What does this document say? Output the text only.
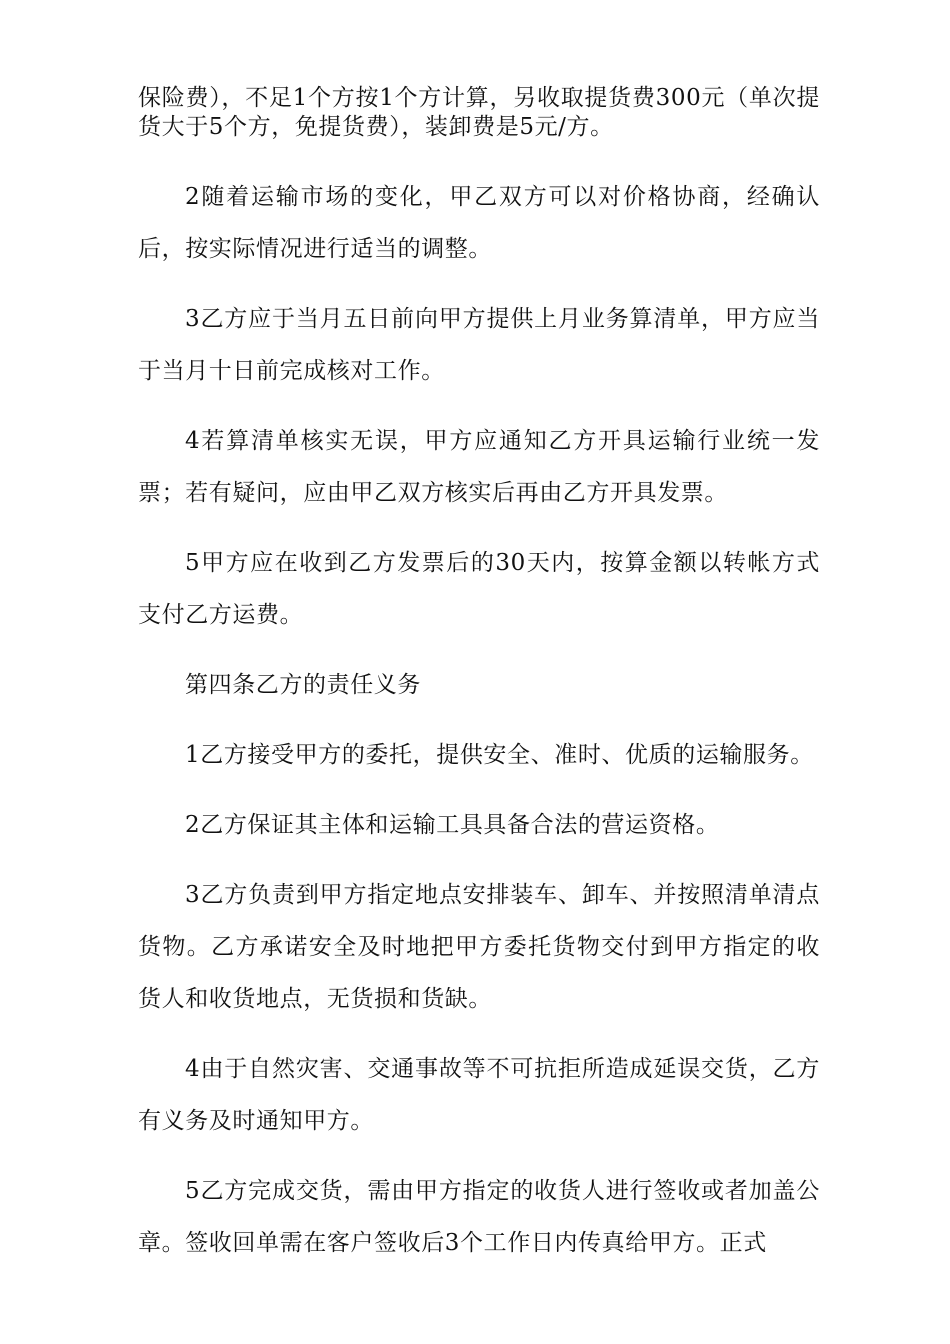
保险费），不足1个方按1个方计算，另收取提货费300元（单次提货大于5个方，免提货费），装卸费是5元/方。

2随着运输市场的变化，甲乙双方可以对价格协商，经确认后，按实际情况进行适当的调整。

3乙方应于当月五日前向甲方提供上月业务算清单，甲方应当于当月十日前完成核对工作。

4若算清单核实无误，甲方应通知乙方开具运输行业统一发票；若有疑问，应由甲乙双方核实后再由乙方开具发票。

5甲方应在收到乙方发票后的30天内，按算金额以转帐方式支付乙方运费。

第四条乙方的责任义务

1乙方接受甲方的委托，提供安全、准时、优质的运输服务。

2乙方保证其主体和运输工具具备合法的营运资格。

3乙方负责到甲方指定地点安排装车、卸车、并按照清单清点货物。乙方承诺安全及时地把甲方委托货物交付到甲方指定的收货人和收货地点，无货损和货缺。

4由于自然灾害、交通事故等不可抗拒所造成延误交货，乙方有义务及时通知甲方。

5乙方完成交货，需由甲方指定的收货人进行签收或者加盖公章。签收回单需在客户签收后3个工作日内传真给甲方。正式
